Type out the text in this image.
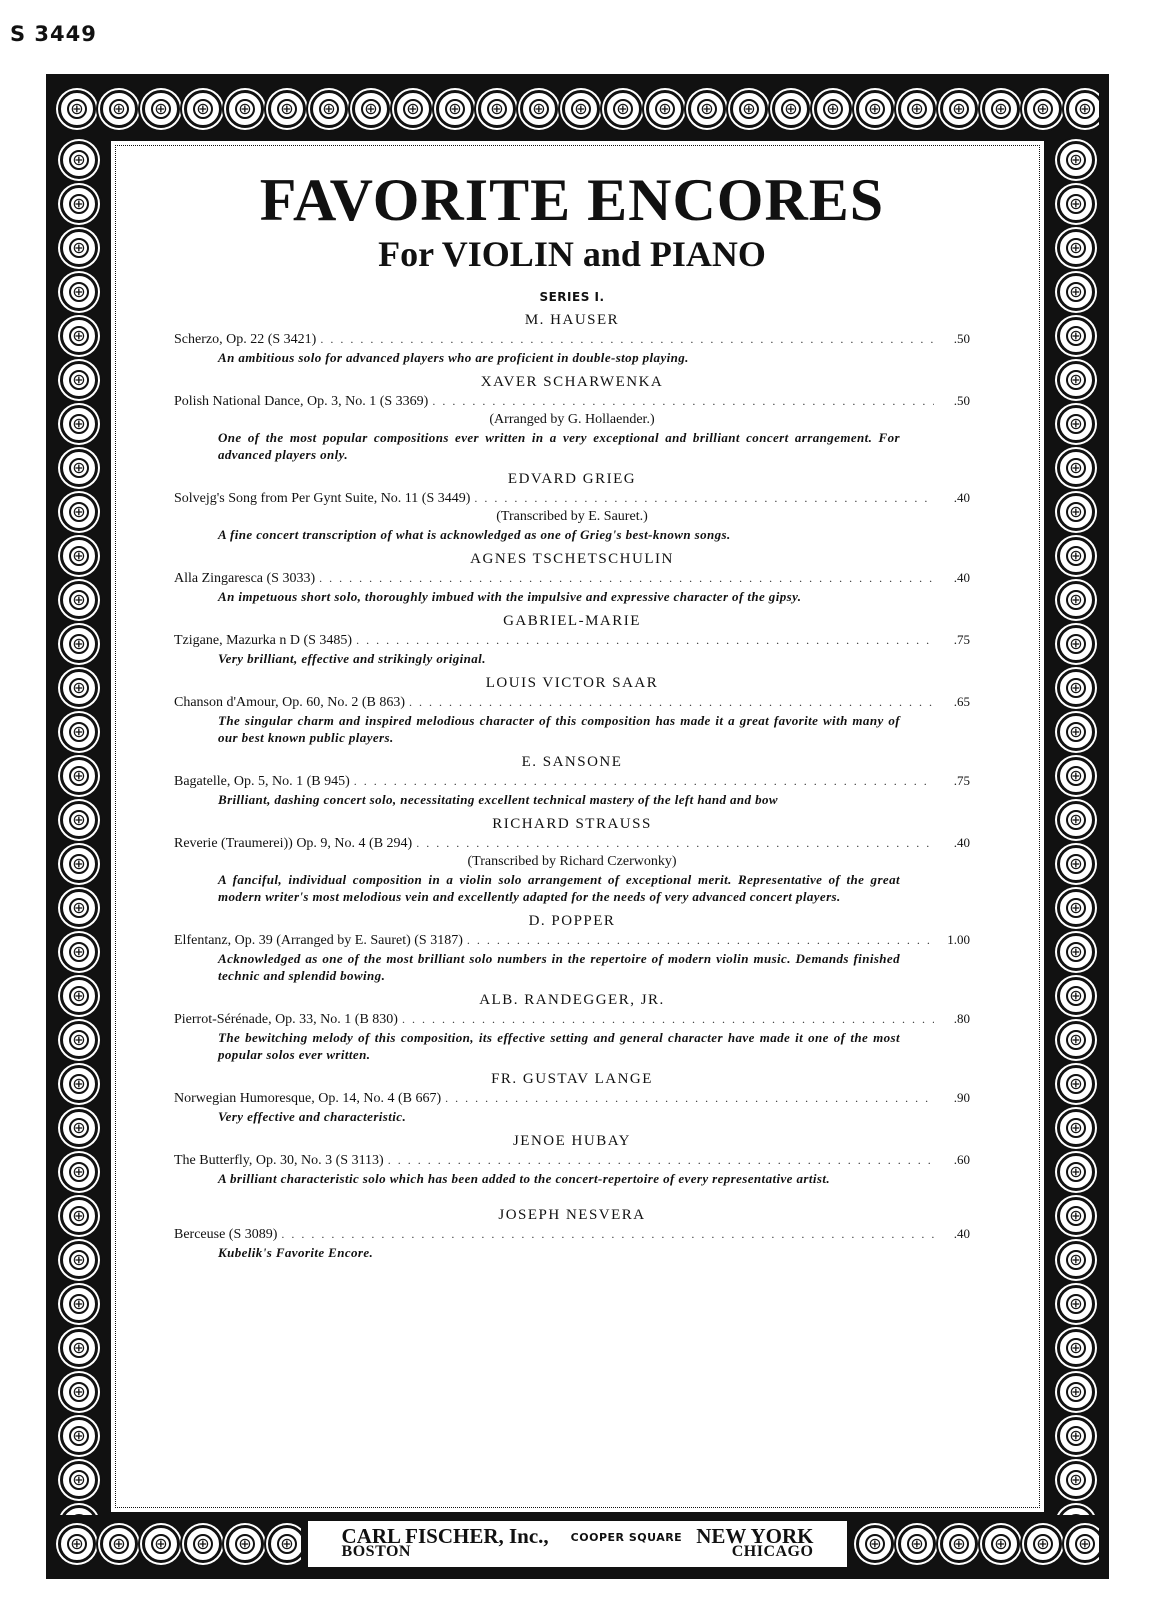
S 3449
⊕
⊕
⊕
⊕
⊕
⊕
⊕
⊕
⊕
⊕
⊕
⊕
⊕
⊕
⊕
⊕
⊕
⊕
⊕
⊕
⊕
⊕
⊕
⊕
⊕
⊕
⊕
⊕
⊕
⊕
⊕
⊕
⊕
⊕
⊕
⊕
⊕
⊕
⊕
⊕
⊕
⊕
⊕
⊕
⊕
⊕
⊕
⊕
⊕
⊕
⊕
⊕
⊕
⊕
⊕
⊕
⊕
⊕
⊕
⊕
⊕
⊕
⊕
⊕
⊕
⊕
⊕
⊕
⊕
⊕
⊕
⊕
⊕
⊕
⊕
⊕
⊕
⊕
⊕
⊕
⊕
⊕
⊕
⊕
⊕
⊕
⊕
⊕
⊕
⊕
⊕
⊕
⊕
⊕
⊕
⊕
⊕
⊕
⊕
⊕
⊕
CARL FISCHER, Inc.,
BOSTON
COOPER SQUARE NEW YORK
CHICAGO
FAVORITE ENCORES
For VIOLIN and PIANO
SERIES I.
M. HAUSER
Scherzo, Op. 22 (S 3421) . . .	.50
An ambitious solo for advanced players who are proficient in double-stop playing.
XAVER SCHARWENKA
Polish National Dance, Op. 3, No. 1 (S 3369) . . .	.50
(Arranged by G. Hollaender.)
One of the most popular compositions ever written in a very exceptional and brilliant concert arrangement. For advanced players only.
EDVARD GRIEG
Solvejg's Song from Per Gynt Suite, No. 11 (S 3449) . . .	.40
(Transcribed by E. Sauret.)
A fine concert transcription of what is acknowledged as one of Grieg's best-known songs.
AGNES TSCHETSCHULIN
Alla Zingaresca (S 3033) . . .	.40
An impetuous short solo, thoroughly imbued with the impulsive and expressive character of the gipsy.
GABRIEL-MARIE
Tzigane, Mazurka n D (S 3485) . . .	.75
Very brilliant, effective and strikingly original.
LOUIS VICTOR SAAR
Chanson d'Amour, Op. 60, No. 2 (B 863) . . .	.65
The singular charm and inspired melodious character of this composition has made it a great favorite with many of our best known public players.
E. SANSONE
Bagatelle, Op. 5, No. 1 (B 945) . . .	.75
Brilliant, dashing concert solo, necessitating excellent technical mastery of the left hand and bow
RICHARD STRAUSS
Reverie (Traumerei)) Op. 9, No. 4 (B 294) . . .	.40
(Transcribed by Richard Czerwonky)
A fanciful, individual composition in a violin solo arrangement of exceptional merit. Representative of the great modern writer's most melodious vein and excellently adapted for the needs of very advanced concert players.
D. POPPER
Elfentanz, Op. 39 (Arranged by E. Sauret) (S 3187) . . .	1.00
Acknowledged as one of the most brilliant solo numbers in the repertoire of modern violin music. Demands finished technic and splendid bowing.
ALB. RANDEGGER, JR.
Pierrot-Sérénade, Op. 33, No. 1 (B 830) . . .	.80
The bewitching melody of this composition, its effective setting and general character have made it one of the most popular solos ever written.
FR. GUSTAV LANGE
Norwegian Humoresque, Op. 14, No. 4 (B 667) . . .	.90
Very effective and characteristic.
JENOE HUBAY
The Butterfly, Op. 30, No. 3 (S 3113) . . .	.60
A brilliant characteristic solo which has been added to the concert-repertoire of every representative artist.
JOSEPH NESVERA
Berceuse (S 3089) . . .	.40
Kubelik's Favorite Encore.
